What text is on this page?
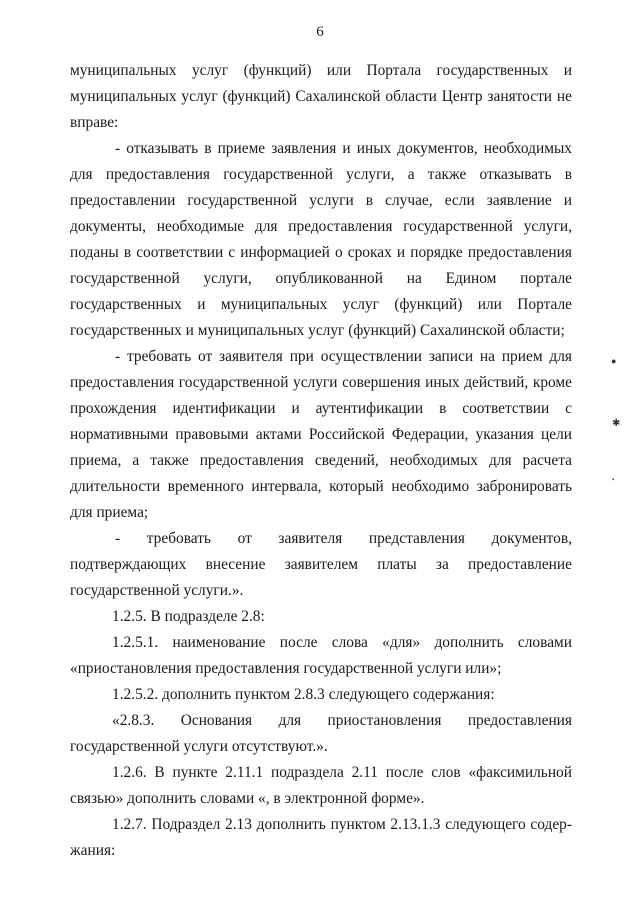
6

муниципальных услуг (функций) или Портала государственных и муниципальных услуг (функций) Сахалинской области Центр занятости не вправе:

- отказывать в приеме заявления и иных документов, необходимых для предоставления государственной услуги, а также отказывать в предоставлении государственной услуги в случае, если заявление и документы, необходимые для предоставления государственной услуги, поданы в соответствии с информацией о сроках и порядке предоставления государственной услуги, опубликованной на Едином портале государственных и муниципальных услуг (функций) или Портале государственных и муниципальных услуг (функций) Сахалинской области;

- требовать от заявителя при осуществлении записи на прием для предоставления государственной услуги совершения иных действий, кроме прохождения идентификации и аутентификации в соответствии с нормативными правовыми актами Российской Федерации, указания цели приема, а также предоставления сведений, необходимых для расчета длительности временного интервала, который необходимо забронировать для приема;

- требовать от заявителя представления документов, подтверждающих внесение заявителем платы за предоставление государственной услуги.».

1.2.5. В подразделе 2.8:

1.2.5.1. наименование после слова «для» дополнить словами «приостановления предоставления государственной услуги или»;

1.2.5.2. дополнить пунктом 2.8.3 следующего содержания:

«2.8.3. Основания для приостановления предоставления государственной услуги отсутствуют.».

1.2.6. В пункте 2.11.1 подраздела 2.11 после слов «факсимильной связью» дополнить словами «, в электронной форме».

1.2.7. Подраздел 2.13 дополнить пунктом 2.13.1.3 следующего содер-жания:

●
✱
•
